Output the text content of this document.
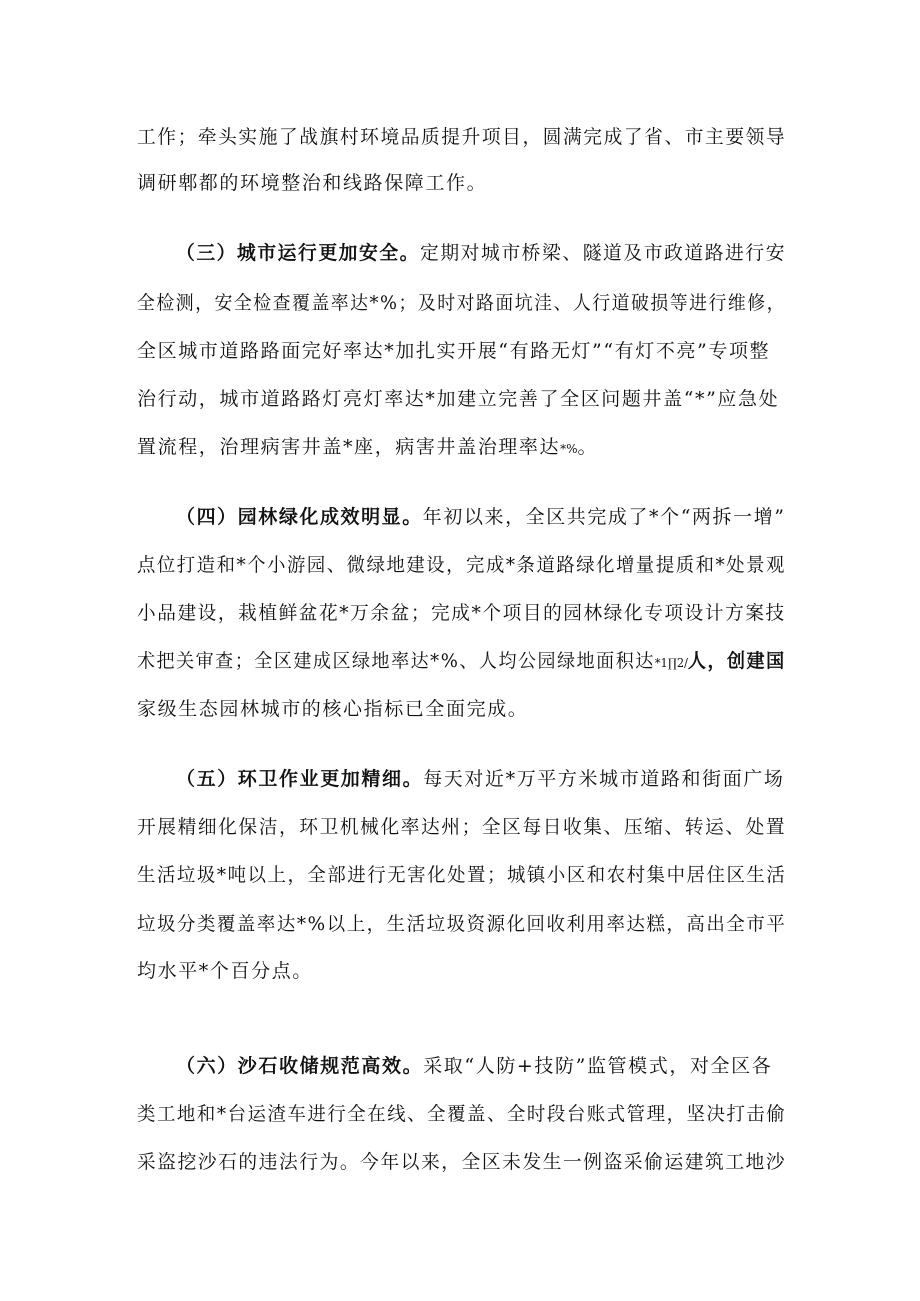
工作；牵头实施了战旗村环境品质提升项目，圆满完成了省、市主要领导
调研郫都的环境整治和线路保障工作。
（三）城市运行更加安全。定期对城市桥梁、隧道及市政道路进行安
全检测，安全检查覆盖率达*%；及时对路面坑洼、人行道破损等进行维修，
全区城市道路路面完好率达*加扎实开展“有路无灯”“有灯不亮”专项整
治行动，城市道路路灯亮灯率达*加建立完善了全区问题井盖“*”应急处
置流程，治理病害井盖*座，病害井盖治理率达*%。
（四）园林绿化成效明显。年初以来，全区共完成了*个“两拆一增”
点位打造和*个小游园、微绿地建设，完成*条道路绿化增量提质和*处景观
小品建设，栽植鲜盆花*万余盆；完成*个项目的园林绿化专项设计方案技
术把关审查；全区建成区绿地率达*%、人均公园绿地面积达*1∏2/人，创建国
家级生态园林城市的核心指标已全面完成。
（五）环卫作业更加精细。每天对近*万平方米城市道路和街面广场
开展精细化保洁，环卫机械化率达州；全区每日收集、压缩、转运、处置
生活垃圾*吨以上，全部进行无害化处置；城镇小区和农村集中居住区生活
垃圾分类覆盖率达*%以上，生活垃圾资源化回收利用率达糕，高出全市平
均水平*个百分点。
（六）沙石收储规范高效。采取“人防+技防”监管模式，对全区各
类工地和*台运渣车进行全在线、全覆盖、全时段台账式管理，坚决打击偷
采盗挖沙石的违法行为。今年以来，全区未发生一例盗采偷运建筑工地沙
